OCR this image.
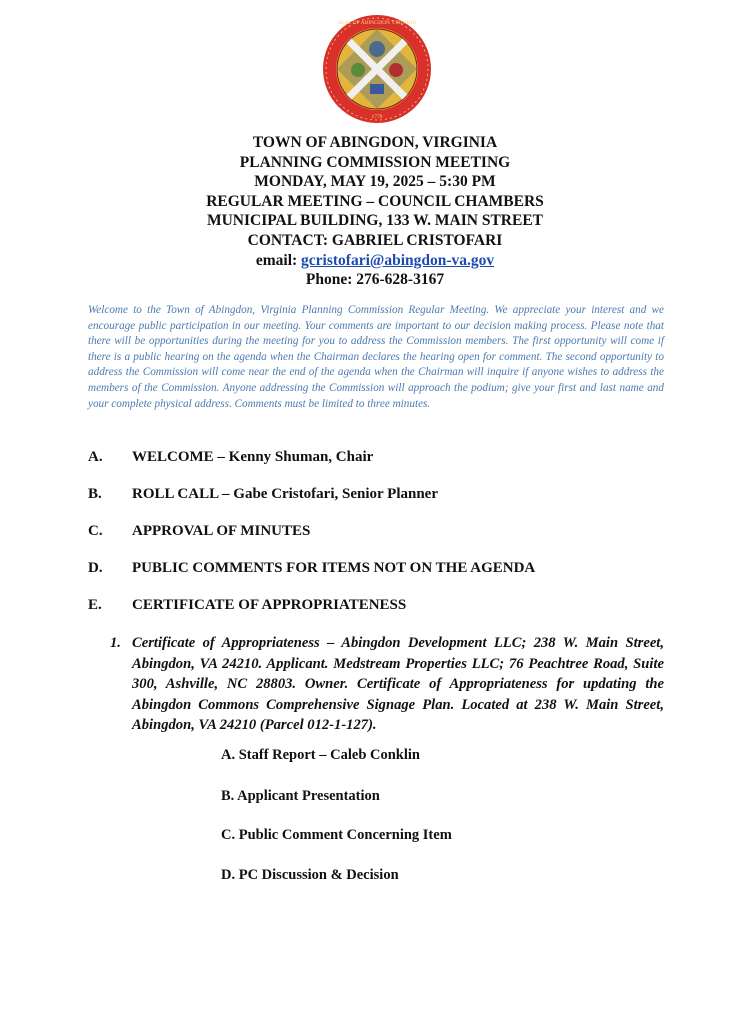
SEAL OF ABINGDON VIRGINIA
1778
TOWN OF ABINGDON, VIRGINIA
PLANNING COMMISSION MEETING
MONDAY, MAY 19, 2025 – 5:30 PM
REGULAR MEETING – COUNCIL CHAMBERS
MUNICIPAL BUILDING, 133 W. MAIN STREET
CONTACT: GABRIEL CRISTOFARI
email: gcristofari@abingdon-va.gov
Phone: 276-628-3167

Welcome to the Town of Abingdon, Virginia Planning Commission Regular Meeting. We appreciate your interest and we encourage public participation in our meeting. Your comments are important to our decision making process. Please note that there will be opportunities during the meeting for you to address the Commission members. The first opportunity will come if there is a public hearing on the agenda when the Chairman declares the hearing open for comment. The second opportunity to address the Commission will come near the end of the agenda when the Chairman will inquire if anyone wishes to address the members of the Commission. Anyone addressing the Commission will approach the podium; give your first and last name and your complete physical address. Comments must be limited to three minutes.

A. WELCOME – Kenny Shuman, Chair
B. ROLL CALL – Gabe Cristofari, Senior Planner
C. APPROVAL OF MINUTES
D. PUBLIC COMMENTS FOR ITEMS NOT ON THE AGENDA
E. CERTIFICATE OF APPROPRIATENESS
1. Certificate of Appropriateness – Abingdon Development LLC; 238 W. Main Street, Abingdon, VA 24210. Applicant. Medstream Properties LLC; 76 Peachtree Road, Suite 300, Ashville, NC 28803. Owner. Certificate of Appropriateness for updating the Abingdon Commons Comprehensive Signage Plan. Located at 238 W. Main Street, Abingdon, VA 24210 (Parcel 012-1-127).
A. Staff Report – Caleb Conklin
B. Applicant Presentation
C. Public Comment Concerning Item
D. PC Discussion & Decision
